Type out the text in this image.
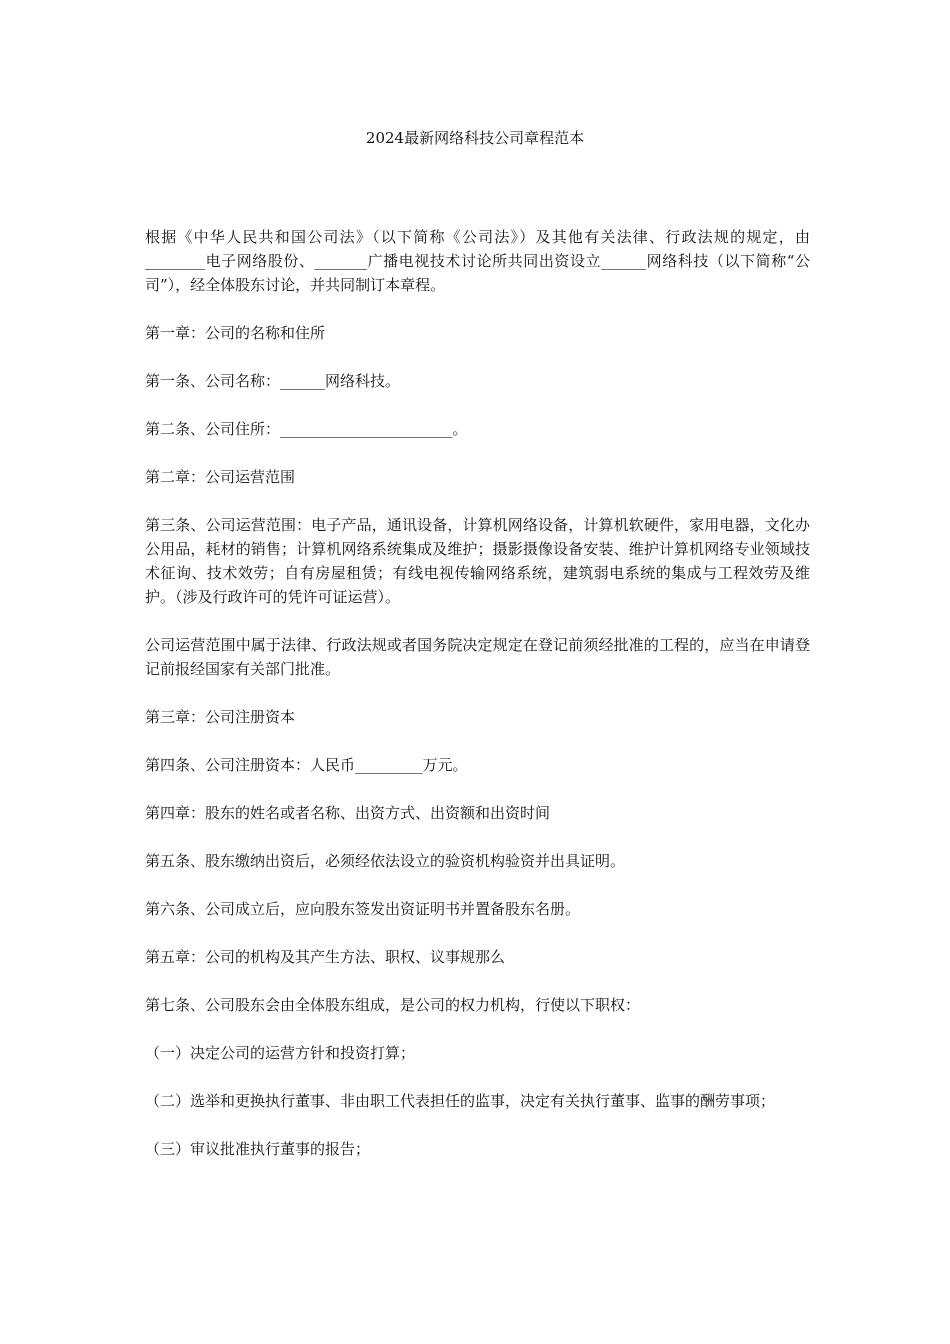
2024最新网络科技公司章程范本

根据《中华人民共和国公司法》（以下简称《公司法》）及其他有关法律、行政法规的规定，由________电子网络股份、_______广播电视技术讨论所共同出资设立______网络科技（以下简称“公司”），经全体股东讨论，并共同制订本章程。

第一章：公司的名称和住所

第一条、公司名称：______网络科技。

第二条、公司住所：_______________________。

第二章：公司运营范围

第三条、公司运营范围：电子产品，通讯设备，计算机网络设备，计算机软硬件，家用电器，文化办公用品，耗材的销售；计算机网络系统集成及维护；摄影摄像设备安装、维护计算机网络专业领域技术征询、技术效劳；自有房屋租赁；有线电视传输网络系统，建筑弱电系统的集成与工程效劳及维护。（涉及行政许可的凭许可证运营）。

公司运营范围中属于法律、行政法规或者国务院决定规定在登记前须经批准的工程的，应当在申请登记前报经国家有关部门批准。

第三章：公司注册资本

第四条、公司注册资本：人民币_________万元。

第四章：股东的姓名或者名称、出资方式、出资额和出资时间

第五条、股东缴纳出资后，必须经依法设立的验资机构验资并出具证明。

第六条、公司成立后，应向股东签发出资证明书并置备股东名册。

第五章：公司的机构及其产生方法、职权、议事规那么

第七条、公司股东会由全体股东组成，是公司的权力机构，行使以下职权：

（一）决定公司的运营方针和投资打算；

（二）选举和更换执行董事、非由职工代表担任的监事，决定有关执行董事、监事的酬劳事项；

（三）审议批准执行董事的报告；
